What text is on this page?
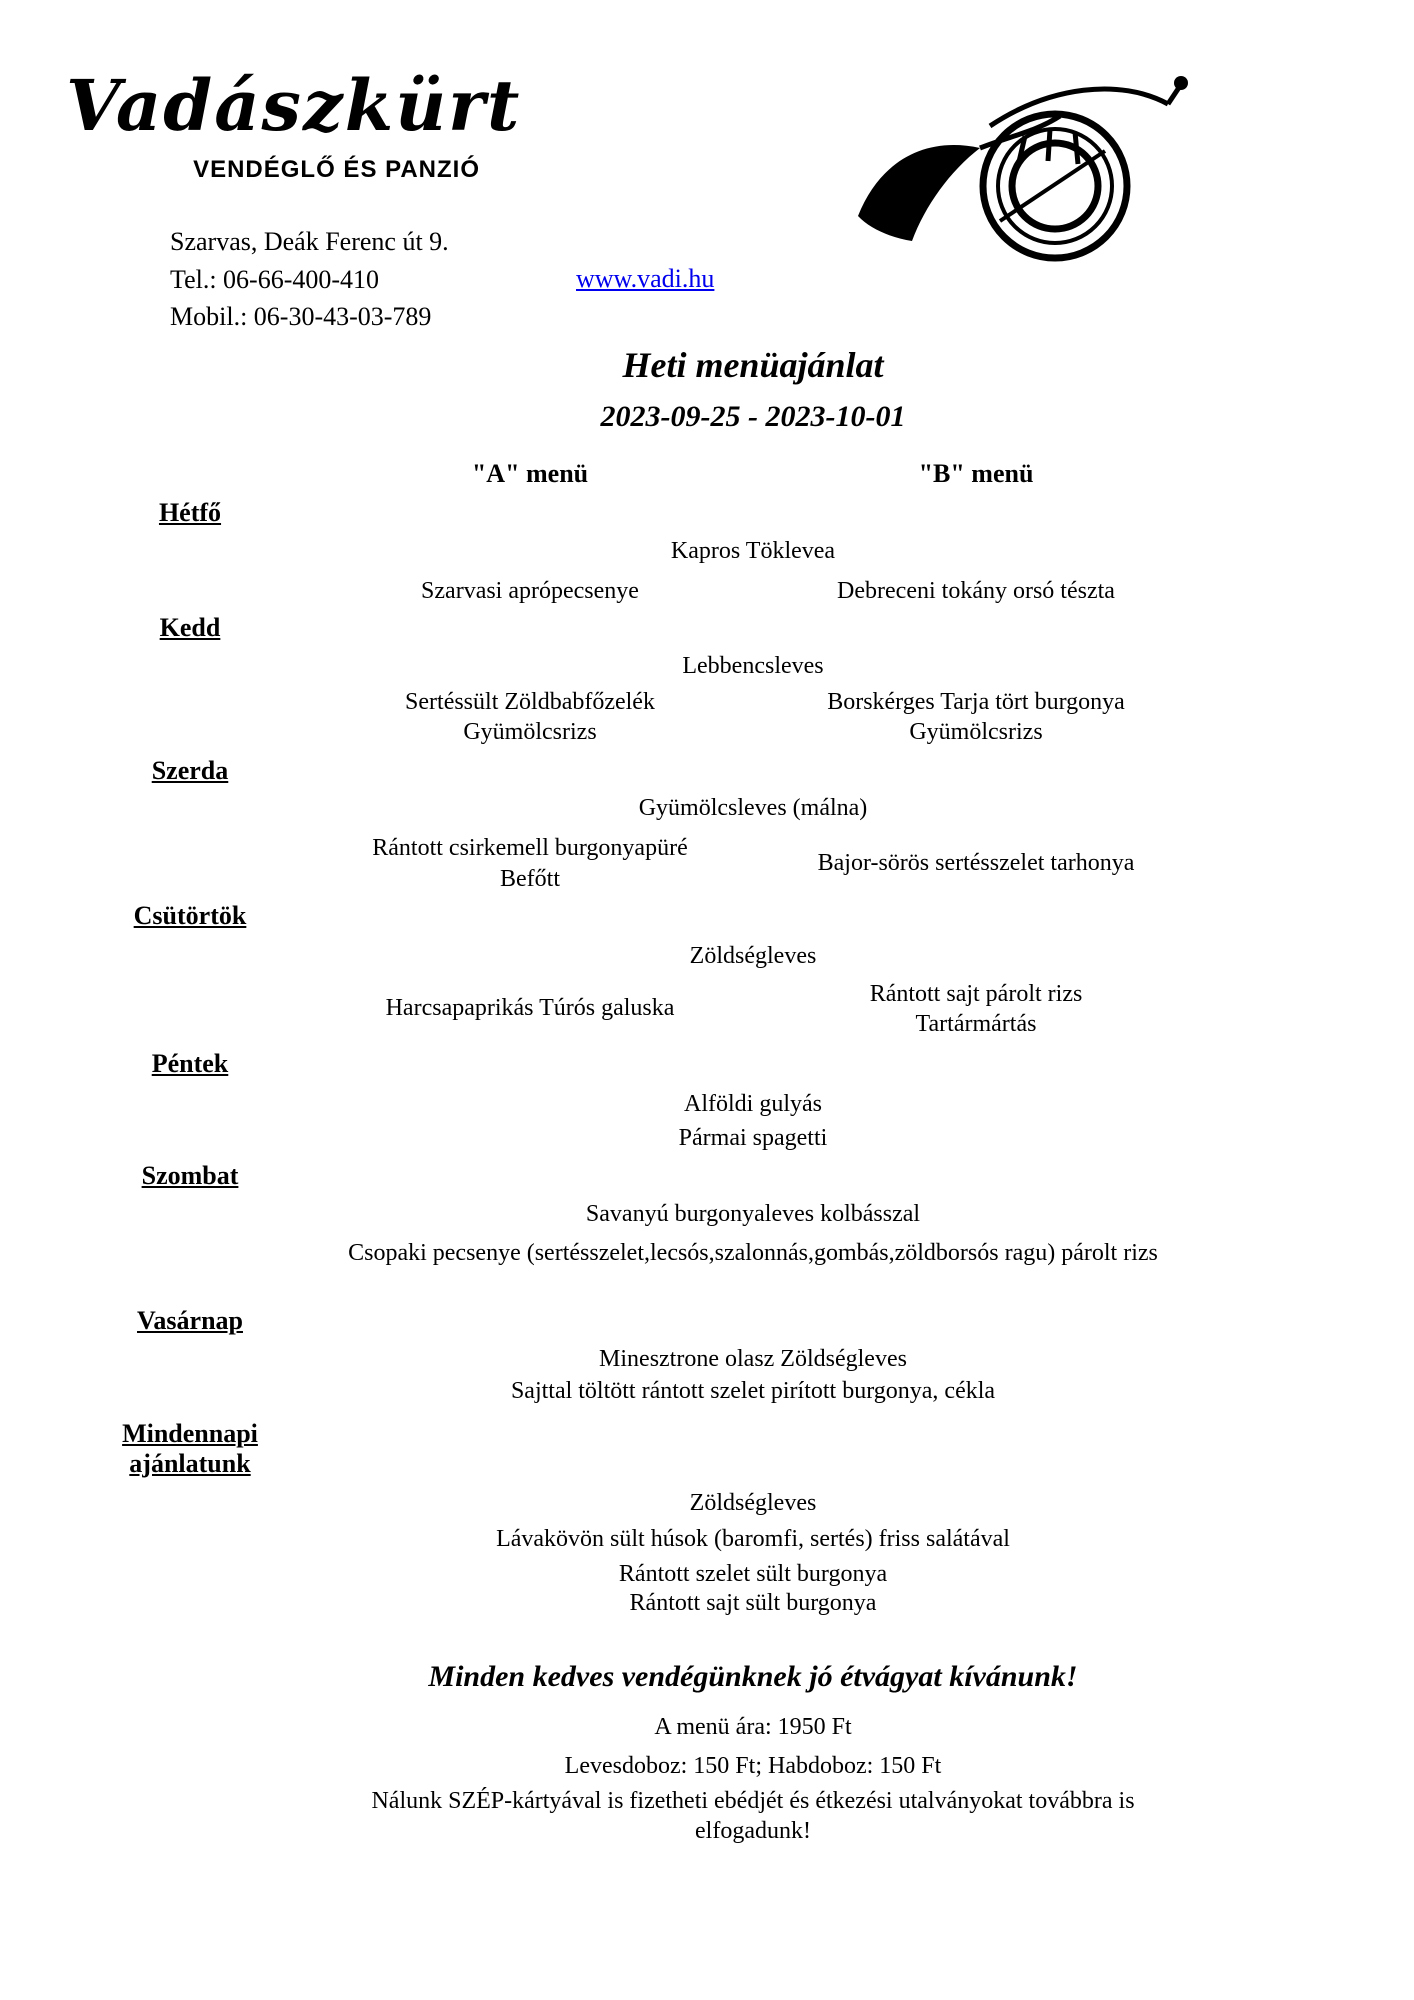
Vadászkürt
VENDÉGLŐ ÉS PANZIÓ
Szarvas, Deák Ferenc út 9.
Tel.: 06-66-400-410
Mobil.: 06-30-43-03-789
www.vadi.hu
Heti menüajánlat
2023-09-25 - 2023-10-01
"A" menü	"B" menü
Hétfő
Kapros Töklevea
Szarvasi aprópecsenye	Debreceni tokány orsó tészta
Kedd
Lebbencsleves
Sertéssült Zöldbabfőzelék
Gyümölcsrizs
Borskérges Tarja tört burgonya
Gyümölcsrizs
Szerda
Gyümölcsleves (málna)
Rántott csirkemell burgonyapüré
Befőtt
Bajor-sörös sertésszelet tarhonya
Csütörtök
Zöldségleves
Harcsapaprikás Túrós galuska
Rántott sajt párolt rizs
Tartármártás
Péntek
Alföldi gulyás
Pármai spagetti
Szombat
Savanyú burgonyaleves kolbásszal
Csopaki pecsenye (sertésszelet,lecsós,szalonnás,gombás,zöldborsós ragu) párolt rizs
Vasárnap
Minesztrone olasz Zöldségleves
Sajttal töltött rántott szelet pirított burgonya, cékla
Mindennapi
ajánlatunk
Zöldségleves
Lávakövön sült húsok (baromfi, sertés) friss salátával
Rántott szelet sült burgonya
Rántott sajt sült burgonya
Minden kedves vendégünknek jó étvágyat kívánunk!
A menü ára: 1950 Ft
Levesdoboz: 150 Ft; Habdoboz: 150 Ft
Nálunk SZÉP-kártyával is fizetheti ebédjét és étkezési utalványokat továbbra is elfogadunk!
